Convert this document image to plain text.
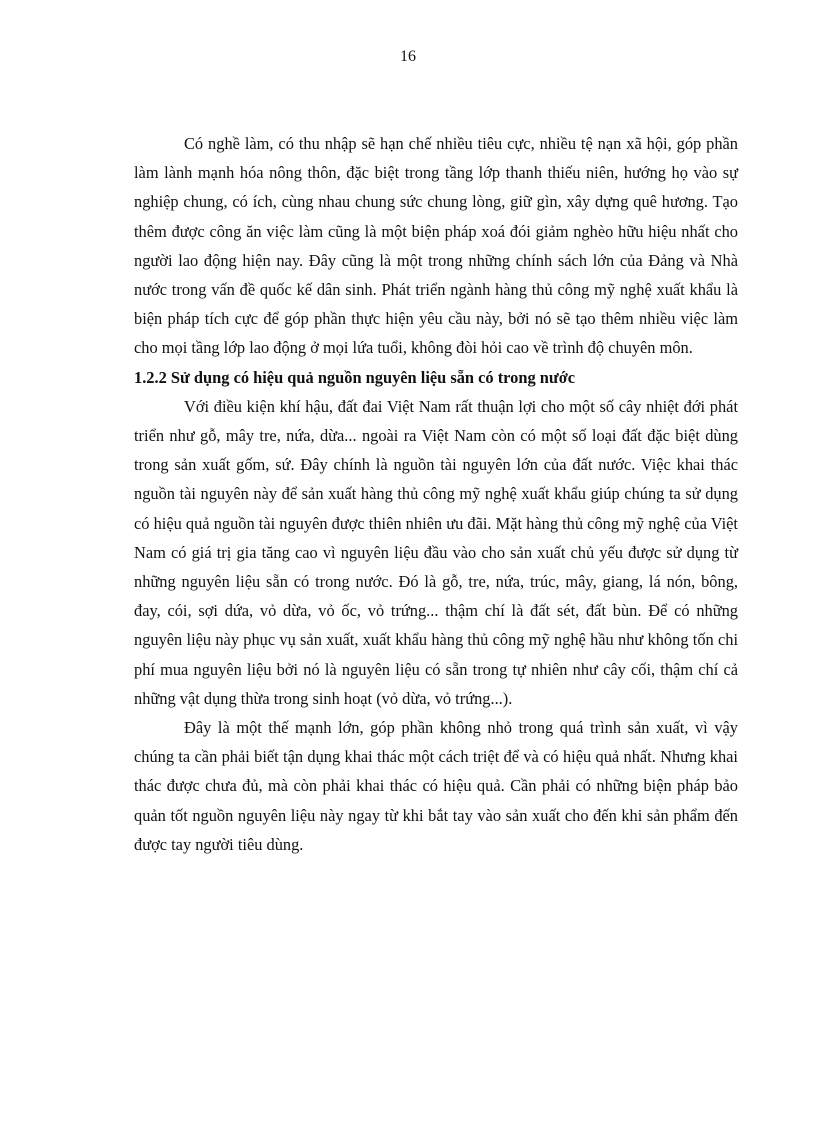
16

Có nghề làm, có thu nhập sẽ hạn chế nhiều tiêu cực, nhiều tệ nạn xã hội, góp phần làm lành mạnh hóa nông thôn, đặc biệt trong tầng lớp thanh thiếu niên, hướng họ vào sự nghiệp chung, có ích, cùng nhau chung sức chung lòng, giữ gìn, xây dựng quê hương. Tạo thêm được công ăn việc làm cũng là một biện pháp xoá đói giảm nghèo hữu hiệu nhất cho người lao động hiện nay. Đây cũng là một trong những chính sách lớn của Đảng và Nhà nước trong vấn đề quốc kế dân sinh. Phát triển ngành hàng thủ công mỹ nghệ xuất khẩu là biện pháp tích cực để góp phần thực hiện yêu cầu này, bởi nó sẽ tạo thêm nhiều việc làm cho mọi tầng lớp lao động ở mọi lứa tuổi, không đòi hỏi cao về trình độ chuyên môn.

1.2.2 Sử dụng có hiệu quả nguồn nguyên liệu sẵn có trong nước

Với điều kiện khí hậu, đất đai Việt Nam rất thuận lợi cho một số cây nhiệt đới phát triển như gỗ, mây tre, nứa, dừa... ngoài ra Việt Nam còn có một số loại đất đặc biệt dùng trong sản xuất gốm, sứ. Đây chính là nguồn tài nguyên lớn của đất nước. Việc khai thác nguồn tài nguyên này để sản xuất hàng thủ công mỹ nghệ xuất khẩu giúp chúng ta sử dụng có hiệu quả nguồn tài nguyên được thiên nhiên ưu đãi. Mặt hàng thủ công mỹ nghệ của Việt Nam có giá trị gia tăng cao vì nguyên liệu đầu vào cho sản xuất chủ yếu được sử dụng từ những nguyên liệu sẵn có trong nước. Đó là gỗ, tre, nứa, trúc, mây, giang, lá nón, bông, đay, cói, sợi dứa, vỏ dừa, vỏ ốc, vỏ trứng... thậm chí là đất sét, đất bùn. Để có những nguyên liệu này phục vụ sản xuất, xuất khẩu hàng thủ công mỹ nghệ hầu như không tốn chi phí mua nguyên liệu bởi nó là nguyên liệu có sẵn trong tự nhiên như cây cối, thậm chí cả những vật dụng thừa trong sinh hoạt (vỏ dừa, vỏ trứng...).

Đây là một thế mạnh lớn, góp phần không nhỏ trong quá trình sản xuất, vì vậy chúng ta cần phải biết tận dụng khai thác một cách triệt để và có hiệu quả nhất. Nhưng khai thác được chưa đủ, mà còn phải khai thác có hiệu quả. Cần phải có những biện pháp bảo quản tốt nguồn nguyên liệu này ngay từ khi bắt tay vào sản xuất cho đến khi sản phẩm đến được tay người tiêu dùng.
